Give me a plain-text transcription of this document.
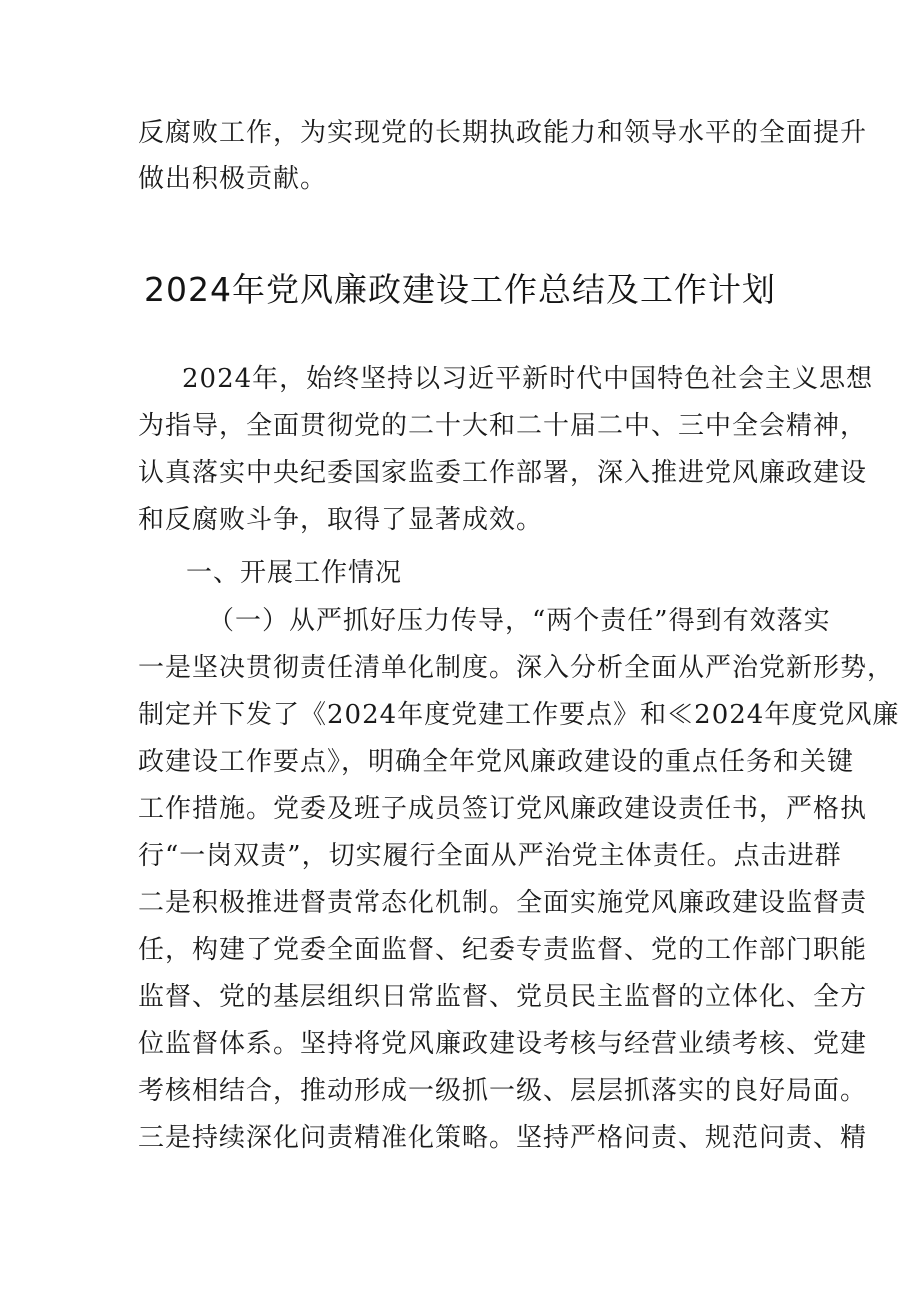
反腐败工作，为实现党的长期执政能力和领导水平的全面提升
做出积极贡献。
2024年党风廉政建设工作总结及工作计划
2024年，始终坚持以习近平新时代中国特色社会主义思想
为指导，全面贯彻党的二十大和二十届二中、三中全会精神，
认真落实中央纪委国家监委工作部署，深入推进党风廉政建设
和反腐败斗争，取得了显著成效。
一、开展工作情况
（一）从严抓好压力传导，“两个责任”得到有效落实
一是坚决贯彻责任清单化制度。深入分析全面从严治党新形势，
制定并下发了《2024年度党建工作要点》和≪2024年度党风廉
政建设工作要点》，明确全年党风廉政建设的重点任务和关键
工作措施。党委及班子成员签订党风廉政建设责任书，严格执
行“一岗双责”，切实履行全面从严治党主体责任。点击进群
二是积极推进督责常态化机制。全面实施党风廉政建设监督责
任，构建了党委全面监督、纪委专责监督、党的工作部门职能
监督、党的基层组织日常监督、党员民主监督的立体化、全方
位监督体系。坚持将党风廉政建设考核与经营业绩考核、党建
考核相结合，推动形成一级抓一级、层层抓落实的良好局面。
三是持续深化问责精准化策略。坚持严格问责、规范问责、精
